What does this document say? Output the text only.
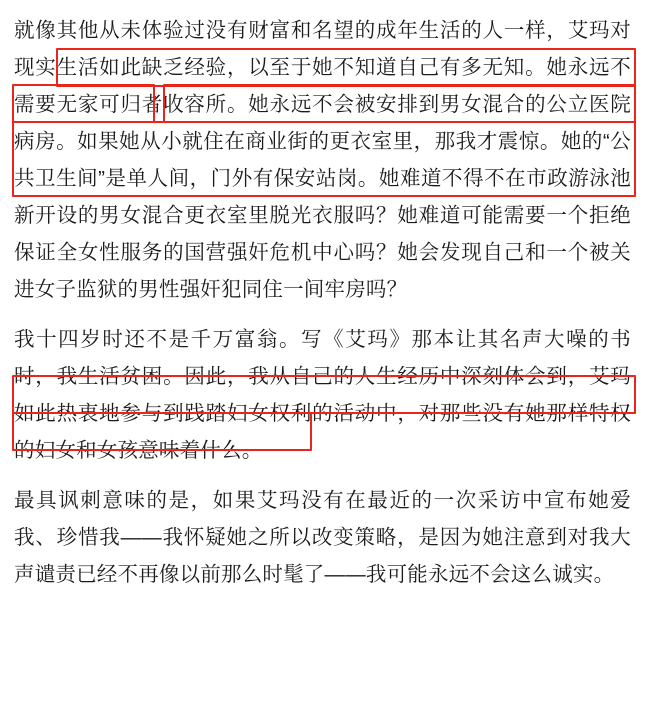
就像其他从未体验过没有财富和名望的成年生活的人一样，艾玛对现实生活如此缺乏经验，以至于她不知道自己有多无知。她永远不需要无家可归者收容所。她永远不会被安排到男女混合的公立医院病房。如果她从小就住在商业街的更衣室里，那我才震惊。她的“公共卫生间”是单人间，门外有保安站岗。她难道不得不在市政游泳池新开设的男女混合更衣室里脱光衣服吗？她难道可能需要一个拒绝保证全女性服务的国营强奸危机中心吗？她会发现自己和一个被关进女子监狱的男性强奸犯同住一间牢房吗？

我十四岁时还不是千万富翁。写《艾玛》那本让其名声大噪的书时，我生活贫困。因此，我从自己的人生经历中深刻体会到，艾玛如此热衷地参与到践踏妇女权利的活动中，对那些没有她那样特权的妇女和女孩意味着什么。

最具讽刺意味的是，如果艾玛没有在最近的一次采访中宣布她爱我、珍惜我——我怀疑她之所以改变策略，是因为她注意到对我大声谴责已经不再像以前那么时髦了——我可能永远不会这么诚实。
